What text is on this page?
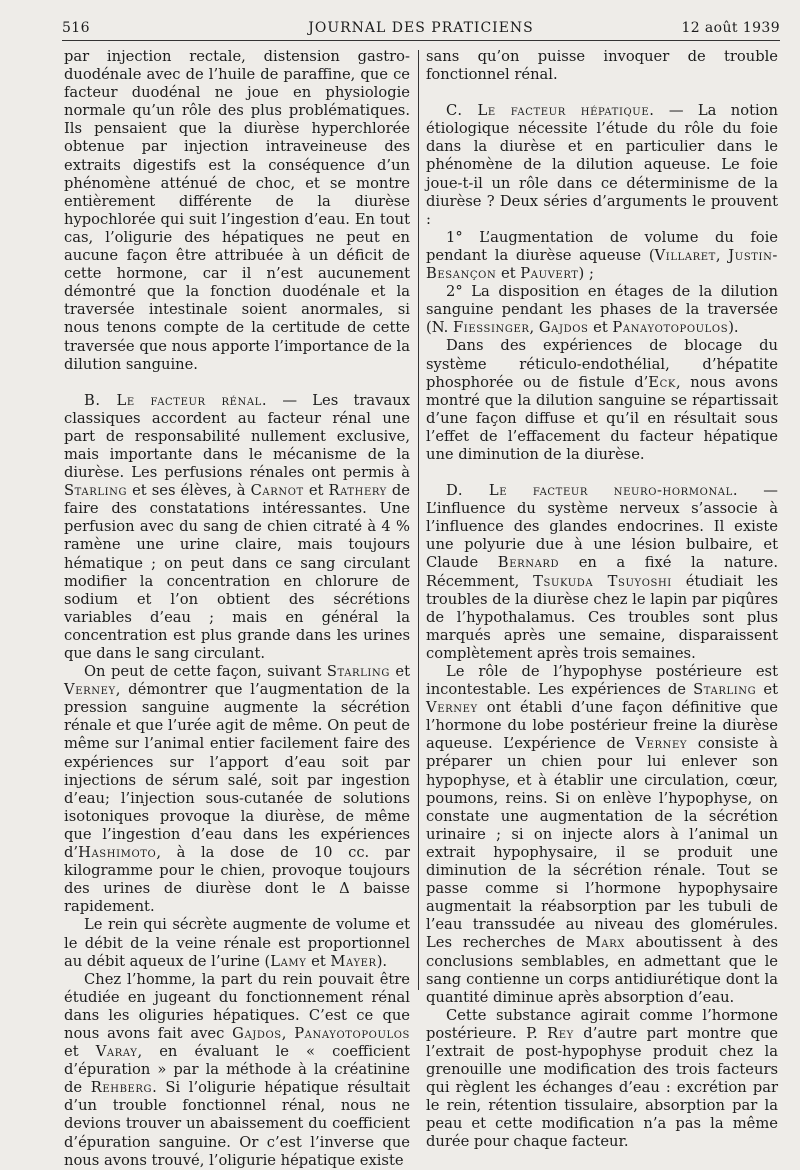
516	JOURNAL DES PRATICIENS	12 août 1939

par injection rectale, distension gastro-duodénale avec de l’huile de paraffine, que ce facteur duodénal ne joue en physiologie normale qu’un rôle des plus problématiques. Ils pensaient que la diurèse hyperchlorée obtenue par injection intraveineuse des extraits digestifs est la conséquence d’un phénomène atténué de choc, et se montre entièrement différente de la diurèse hypochlorée qui suit l’ingestion d’eau. En tout cas, l’oligurie des hépatiques ne peut en aucune façon être attribuée à un déficit de cette hormone, car il n’est aucunement démontré que la fonction duodénale et la traversée intestinale soient anormales, si nous tenons compte de la certitude de cette traversée que nous apporte l’importance de la dilution sanguine.

B. Le facteur rénal. — Les travaux classiques accordent au facteur rénal une part de responsabilité nullement exclusive, mais importante dans le mécanisme de la diurèse. Les perfusions rénales ont permis à Starling et ses élèves, à Carnot et Rathery de faire des constatations intéressantes. Une perfusion avec du sang de chien citraté à 4 % ramène une urine claire, mais toujours hématique ; on peut dans ce sang circulant modifier la concentration en chlorure de sodium et l’on obtient des sécrétions variables d’eau ; mais en général la concentration est plus grande dans les urines que dans le sang circulant.

On peut de cette façon, suivant Starling et Verney, démontrer que l’augmentation de la pression sanguine augmente la sécrétion rénale et que l’urée agit de même. On peut de même sur l’animal entier facilement faire des expériences sur l’apport d’eau soit par injections de sérum salé, soit par ingestion d’eau; l’injection sous-cutanée de solutions isotoniques provoque la diurèse, de même que l’ingestion d’eau dans les expériences d’Hashimoto, à la dose de 10 cc. par kilogramme pour le chien, provoque toujours des urines de diurèse dont le Δ baisse rapidement.

Le rein qui sécrète augmente de volume et le débit de la veine rénale est proportionnel au débit aqueux de l’urine (Lamy et Mayer).

Chez l’homme, la part du rein pouvait être étudiée en jugeant du fonctionnement rénal dans les oliguries hépatiques. C’est ce que nous avons fait avec Gajdos, Panayotopoulos et Varay, en évaluant le « coefficient d’épuration » par la méthode à la créatinine de Rehberg. Si l’oligurie hépatique résultait d’un trouble fonctionnel rénal, nous ne devions trouver un abaissement du coefficient d’épuration sanguine. Or c’est l’inverse que nous avons trouvé, l’oligurie hépatique existe

sans qu’on puisse invoquer de trouble fonctionnel rénal.

C. Le facteur hépatique. — La notion étiologique nécessite l’étude du rôle du foie dans la diurèse et en particulier dans le phénomène de la dilution aqueuse. Le foie joue-t-il un rôle dans ce déterminisme de la diurèse ? Deux séries d’arguments le prouvent :

1° L’augmentation de volume du foie pendant la diurèse aqueuse (Villaret, Justin-Besançon et Pauvert) ;

2° La disposition en étages de la dilution sanguine pendant les phases de la traversée (N. Fiessinger, Gajdos et Panayotopoulos).

Dans des expériences de blocage du système réticulo-endothélial, d’hépatite phosphorée ou de fistule d’Eck, nous avons montré que la dilution sanguine se répartissait d’une façon diffuse et qu’il en résultait sous l’effet de l’effacement du facteur hépatique une diminution de la diurèse.

D. Le facteur neuro-hormonal. — L’influence du système nerveux s’associe à l’influence des glandes endocrines. Il existe une polyurie due à une lésion bulbaire, et Claude Bernard en a fixé la nature. Récemment, Tsukuda Tsuyoshi étudiait les troubles de la diurèse chez le lapin par piqûres de l’hypothalamus. Ces troubles sont plus marqués après une semaine, disparaissent complètement après trois semaines.

Le rôle de l’hypophyse postérieure est incontestable. Les expériences de Starling et Verney ont établi d’une façon définitive que l’hormone du lobe postérieur freine la diurèse aqueuse. L’expérience de Verney consiste à préparer un chien pour lui enlever son hypophyse, et à établir une circulation, cœur, poumons, reins. Si on enlève l’hypophyse, on constate une augmentation de la sécrétion urinaire ; si on injecte alors à l’animal un extrait hypophysaire, il se produit une diminution de la sécrétion rénale. Tout se passe comme si l’hormone hypophysaire augmentait la réabsorption par les tubuli de l’eau transsudée au niveau des glomérules. Les recherches de Marx aboutissent à des conclusions semblables, en admettant que le sang contienne un corps antidiurétique dont la quantité diminue après absorption d’eau.

Cette substance agirait comme l’hormone postérieure. P. Rey d’autre part montre que l’extrait de post-hypophyse produit chez la grenouille une modification des trois facteurs qui règlent les échanges d’eau : excrétion par le rein, rétention tissulaire, absorption par la peau et cette modification n’a pas la même durée pour chaque facteur.
